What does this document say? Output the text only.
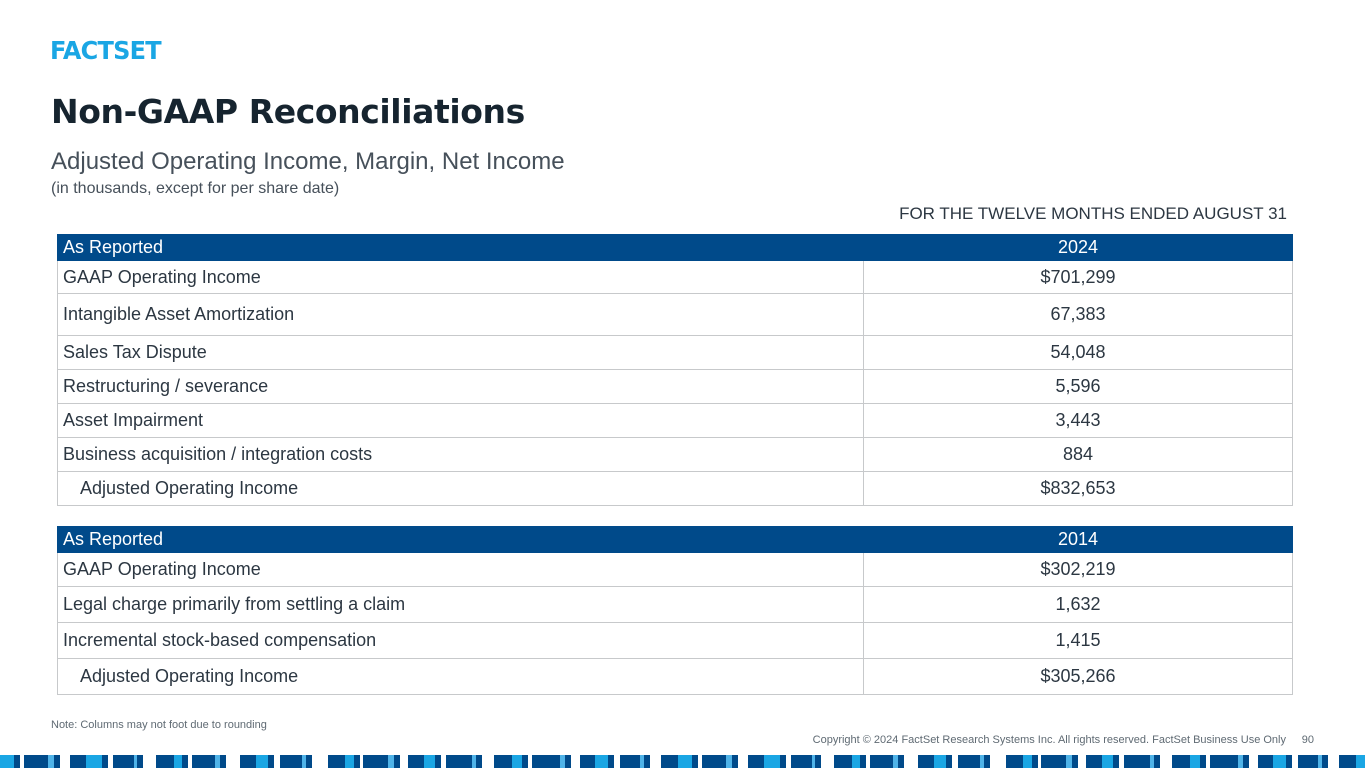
FACTSET
Non-GAAP Reconciliations
Adjusted Operating Income, Margin, Net Income
(in thousands, except for per share date)
FOR THE TWELVE MONTHS ENDED AUGUST 31
As Reported	2024
GAAP Operating Income	$701,299
Intangible Asset Amortization	67,383
Sales Tax Dispute	54,048
Restructuring / severance	5,596
Asset Impairment	3,443
Business acquisition / integration costs	884
Adjusted Operating Income	$832,653
As Reported	2014
GAAP Operating Income	$302,219
Legal charge primarily from settling a claim	1,632
Incremental stock-based compensation	1,415
Adjusted Operating Income	$305,266
Note: Columns may not foot due to rounding
Copyright © 2024 FactSet Research Systems Inc. All rights reserved. FactSet Business Use Only 90
